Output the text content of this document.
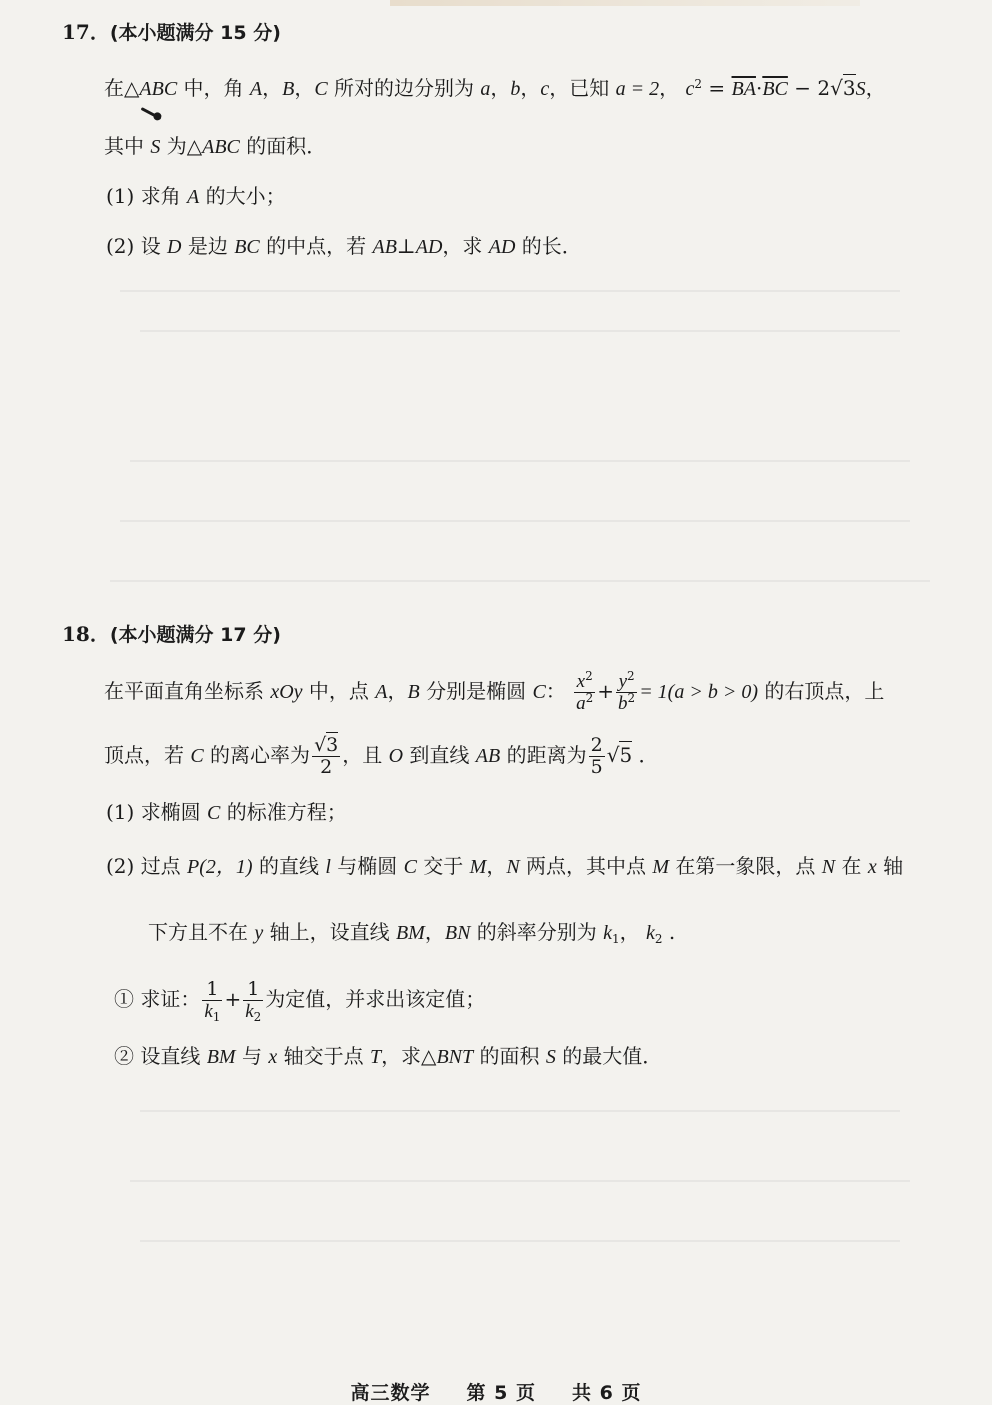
17．(本小题满分 15 分)
在△ABC 中，角 A，B，C 所对的边分别为 a，b，c，已知 a = 2， $c^2 = \overline{BA}\cdot\overline{BC} - 2√3S$，
其中 S 为△ABC 的面积．
(1) 求角 A 的大小；
(2) 设 D 是边 BC 的中点，若 AB⊥AD，求 AD 的长．
18．(本小题满分 17 分)
在平面直角坐标系 xOy 中，点 A，B 分别是椭圆 C： $\frac{x^2}{a^2} + \frac{y^2}{b^2} = 1(a > b > 0)$ 的右顶点，上
顶点，若 C 的离心率为 $\frac{√3}{2}$ ，且 O 到直线 AB 的距离为 $\frac{2}{5} √5$ ．
(1) 求椭圆 C 的标准方程；
(2) 过点 P(2，1) 的直线 l 与椭圆 C 交于 M，N 两点，其中点 M 在第一象限，点 N 在 x 轴
下方且不在 y 轴上，设直线 BM，BN 的斜率分别为 $k_1$， $k_2$ .
① 求证： $\frac{1}{k_1} + \frac{1}{k_2}$ 为定值，并求出该定值；
② 设直线 BM 与 x 轴交于点 T，求△BNT 的面积 S 的最大值．
高三数学 第 5 页 共 6 页
